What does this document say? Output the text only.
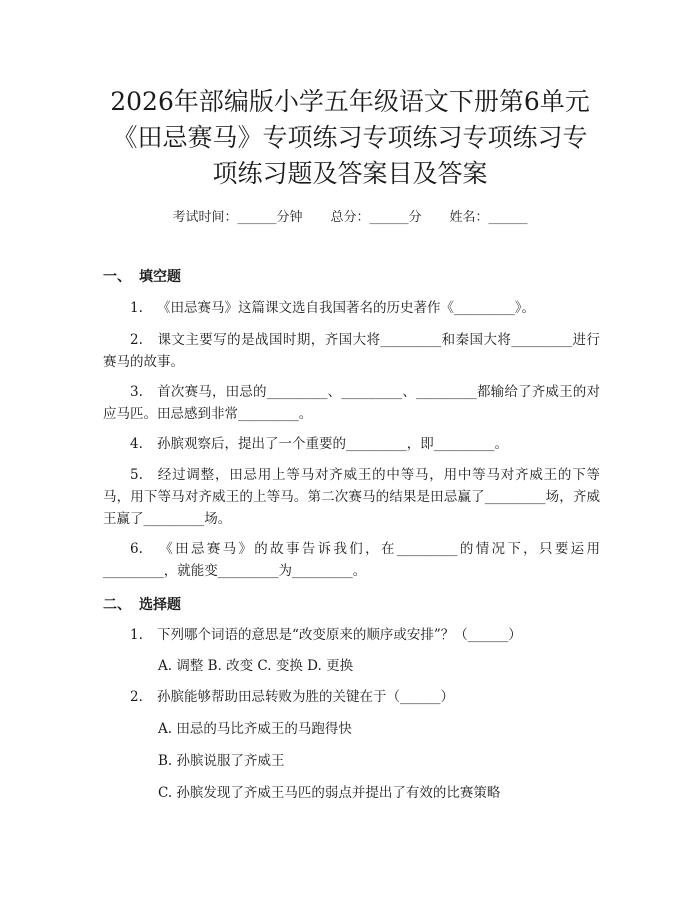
2026年部编版小学五年级语文下册第6单元
《田忌赛马》专项练习专项练习专项练习专
项练习题及答案目及答案
考试时间：______分钟 总分：______分 姓名：______
一、 填空题
1. 《田忌赛马》这篇课文选自我国著名的历史著作《_________》。
2. 课文主要写的是战国时期，齐国大将_________和秦国大将_________进行赛马的故事。
3. 首次赛马，田忌的_________、_________、_________都输给了齐威王的对应马匹。田忌感到非常_________。
4. 孙膑观察后，提出了一个重要的_________，即_________。
5. 经过调整，田忌用上等马对齐威王的中等马，用中等马对齐威王的下等马，用下等马对齐威王的上等马。第二次赛马的结果是田忌赢了_________场，齐威王赢了_________场。
6. 《田忌赛马》的故事告诉我们，在_________的情况下，只要运用_________，就能变_________为_________。
二、 选择题
1. 下列哪个词语的意思是“改变原来的顺序或安排”？（______）
A. 调整 B. 改变 C. 变换 D. 更换
2. 孙膑能够帮助田忌转败为胜的关键在于（______）
A. 田忌的马比齐威王的马跑得快
B. 孙膑说服了齐威王
C. 孙膑发现了齐威王马匹的弱点并提出了有效的比赛策略
